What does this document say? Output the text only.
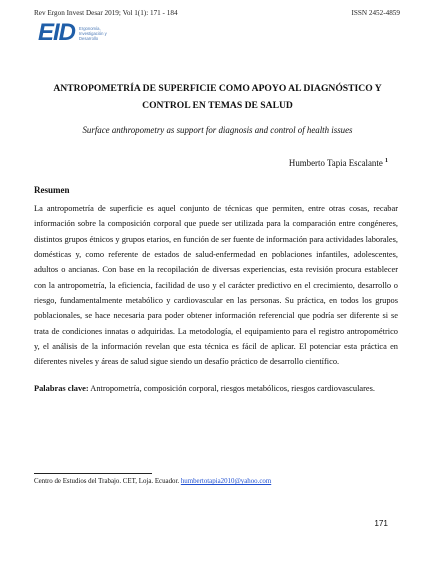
Rev Ergon Invest Desar 2019; Vol 1(1): 171 - 184	ISSN 2452-4859
EID Ergonomía,
Investigación y
Desarrollo
ANTROPOMETRÍA DE SUPERFICIE COMO APOYO AL DIAGNÓSTICO Y
CONTROL EN TEMAS DE SALUD
Surface anthropometry as support for diagnosis and control of health issues
Humberto Tapia Escalante $^1$
Resumen

La antropometría de superficie es aquel conjunto de técnicas que permiten, entre otras cosas, recabar información sobre la composición corporal que puede ser utilizada para la comparación entre congéneres, distintos grupos étnicos y grupos etarios, en función de ser fuente de información para actividades laborales, domésticas y, como referente de estados de salud-enfermedad en poblaciones infantiles, adolescentes, adultos o ancianas. Con base en la recopilación de diversas experiencias, esta revisión procura establecer con la antropometría, la eficiencia, facilidad de uso y el carácter predictivo en el crecimiento, desarrollo o riesgo, fundamentalmente metabólico y cardiovascular en las personas. Su práctica, en todos los grupos poblacionales, se hace necesaria para poder obtener información referencial que podría ser diferente si se trata de condiciones innatas o adquiridas. La metodología, el equipamiento para el registro antropométrico y, el análisis de la información revelan que esta técnica es fácil de aplicar. El potenciar esta práctica en diferentes niveles y áreas de salud sigue siendo un desafío práctico de desarrollo científico.

Palabras clave: Antropometría, composición corporal, riesgos metabólicos, riesgos cardiovasculares.

Centro de Estudios del Trabajo. CET, Loja. Ecuador. humbertotapia2010@yahoo.com
171
